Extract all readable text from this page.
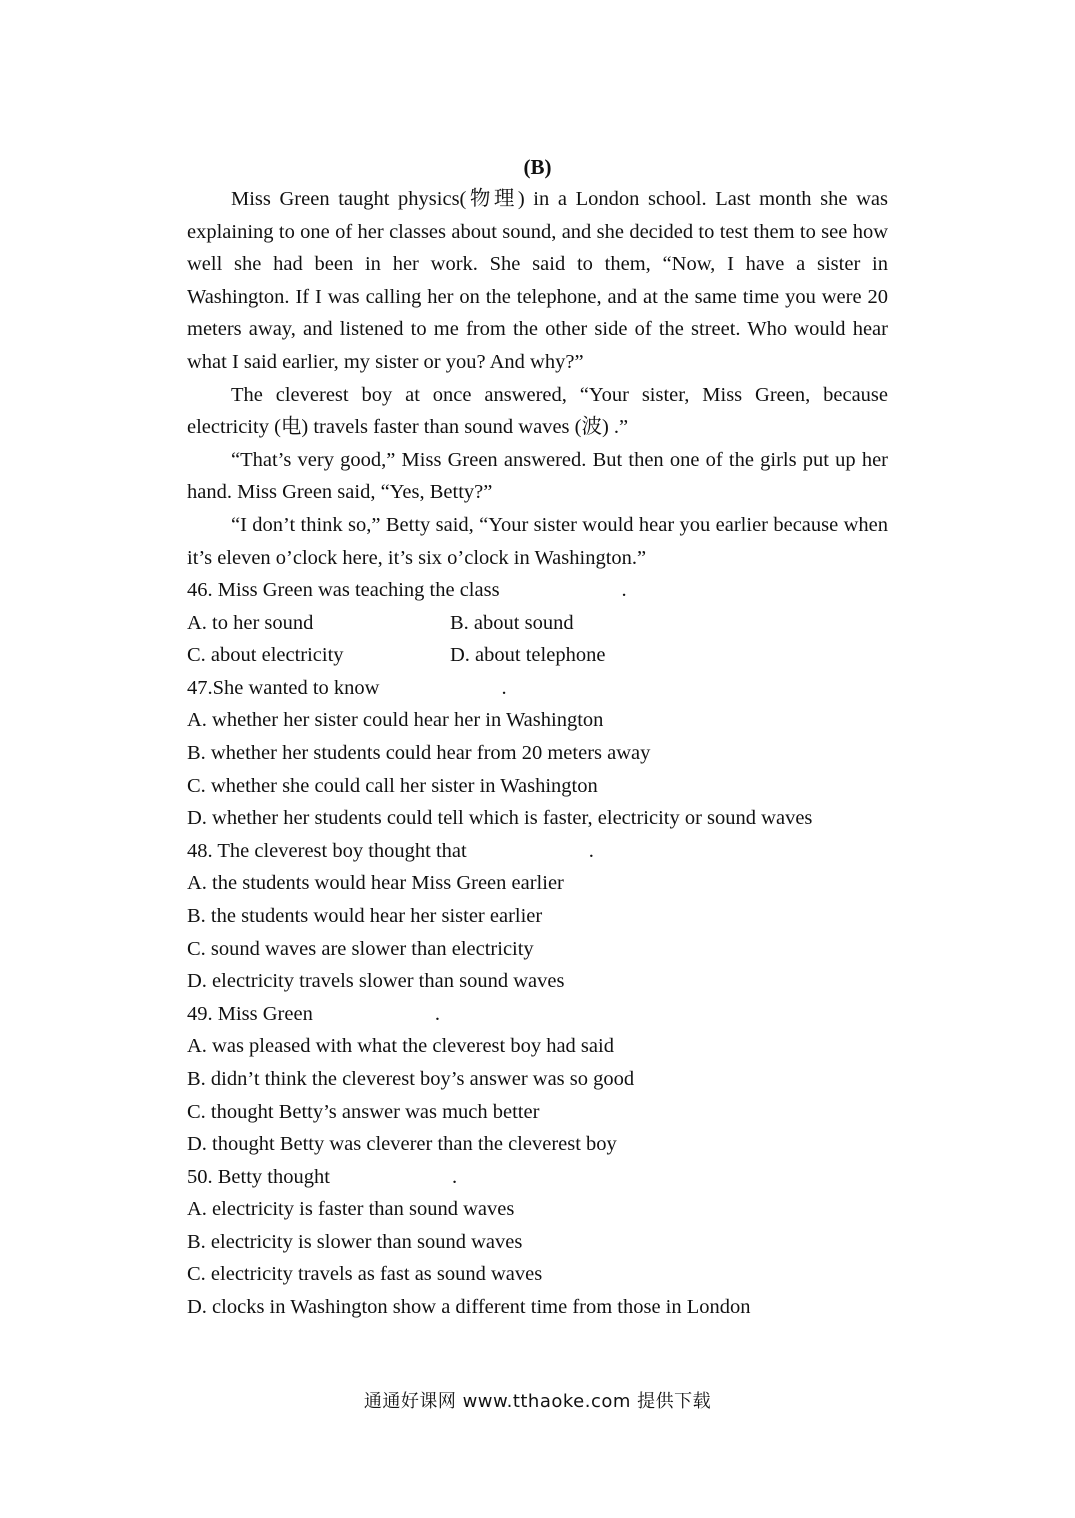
(B)

Miss Green taught physics(物理) in a London school. Last month she was explaining to one of her classes about sound, and she decided to test them to see how well she had been in her work. She said to them, “Now, I have a sister in Washington. If I was calling her on the telephone, and at the same time you were 20 meters away, and listened to me from the other side of the street. Who would hear what I said earlier, my sister or you? And why?”

The cleverest boy at once answered, “Your sister, Miss Green, because electricity (电) travels faster than sound waves (波) .”

“That’s very good,” Miss Green answered. But then one of the girls put up her hand. Miss Green said, “Yes, Betty?”

“I don’t think so,” Betty said, “Your sister would hear you earlier because when it’s eleven o’clock here, it’s six o’clock in Washington.”

46. Miss Green was teaching the class	.
A. to her sound	B. about sound
C. about electricity	D. about telephone
47.She wanted to know	.
A. whether her sister could hear her in Washington
B. whether her students could hear from 20 meters away
C. whether she could call her sister in Washington
D. whether her students could tell which is faster, electricity or sound waves
48. The cleverest boy thought that	.
A. the students would hear Miss Green earlier
B. the students would hear her sister earlier
C. sound waves are slower than electricity
D. electricity travels slower than sound waves
49. Miss Green	.
A. was pleased with what the cleverest boy had said
B. didn’t think the cleverest boy’s answer was so good
C. thought Betty’s answer was much better
D. thought Betty was cleverer than the cleverest boy
50. Betty thought	.
A. electricity is faster than sound waves
B. electricity is slower than sound waves
C. electricity travels as fast as sound waves
D. clocks in Washington show a different time from those in London
通通好课网 www.tthaoke.com 提供下载
